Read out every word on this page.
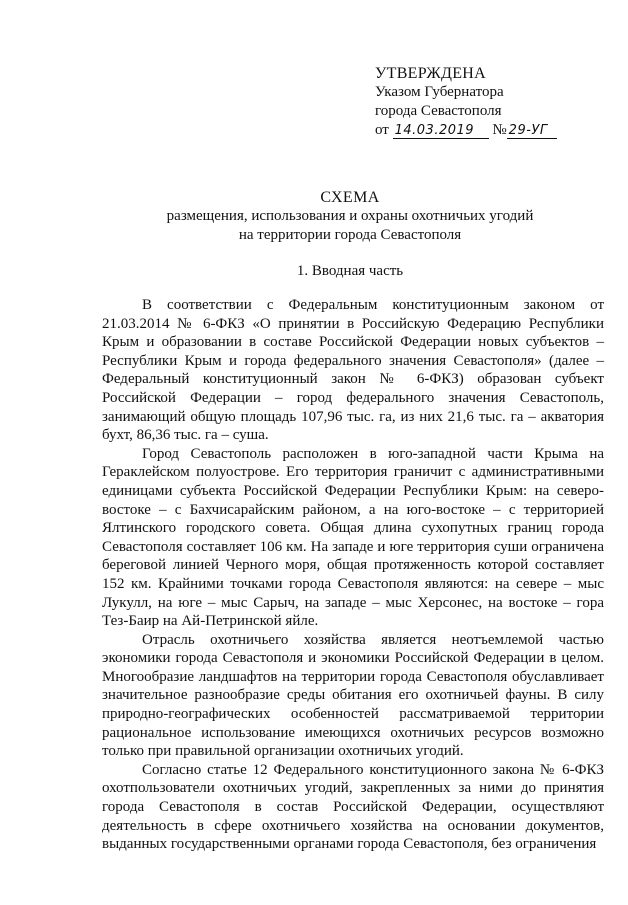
УТВЕРЖДЕНА
Указом Губернатора
города Севастополя
от 14.03.2019 № 29-УГ
СХЕМА
размещения, использования и охраны охотничьих угодий
на территории города Севастополя
1. Вводная часть

В соответствии с Федеральным конституционным законом от 21.03.2014 № 6-ФКЗ «О принятии в Российскую Федерацию Республики Крым и образовании в составе Российской Федерации новых субъектов – Республики Крым и города федерального значения Севастополя» (далее – Федеральный конституционный закон № 6-ФКЗ) образован субъект Российской Федерации – город федерального значения Севастополь, занимающий общую площадь 107,96 тыс. га, из них 21,6 тыс. га – акватория бухт, 86,36 тыс. га – суша.

Город Севастополь расположен в юго-западной части Крыма на Гераклейском полуострове. Его территория граничит с административными единицами субъекта Российской Федерации Республики Крым: на северо-востоке – с Бахчисарайским районом, а на юго-востоке – с территорией Ялтинского городского совета. Общая длина сухопутных границ города Севастополя составляет 106 км. На западе и юге территория суши ограничена береговой линией Черного моря, общая протяженность которой составляет 152 км. Крайними точками города Севастополя являются: на севере – мыс Лукулл, на юге – мыс Сарыч, на западе – мыс Херсонес, на востоке – гора Тез-Баир на Ай-Петринской яйле.

Отрасль охотничьего хозяйства является неотъемлемой частью экономики города Севастополя и экономики Российской Федерации в целом. Многообразие ландшафтов на территории города Севастополя обуславливает значительное разнообразие среды обитания его охотничьей фауны. В силу природно-географических особенностей рассматриваемой территории рациональное использование имеющихся охотничьих ресурсов возможно только при правильной организации охотничьих угодий.

Согласно статье 12 Федерального конституционного закона № 6-ФКЗ охотпользователи охотничьих угодий, закрепленных за ними до принятия города Севастополя в состав Российской Федерации, осуществляют деятельность в сфере охотничьего хозяйства на основании документов, выданных государственными органами города Севастополя, без ограничения
